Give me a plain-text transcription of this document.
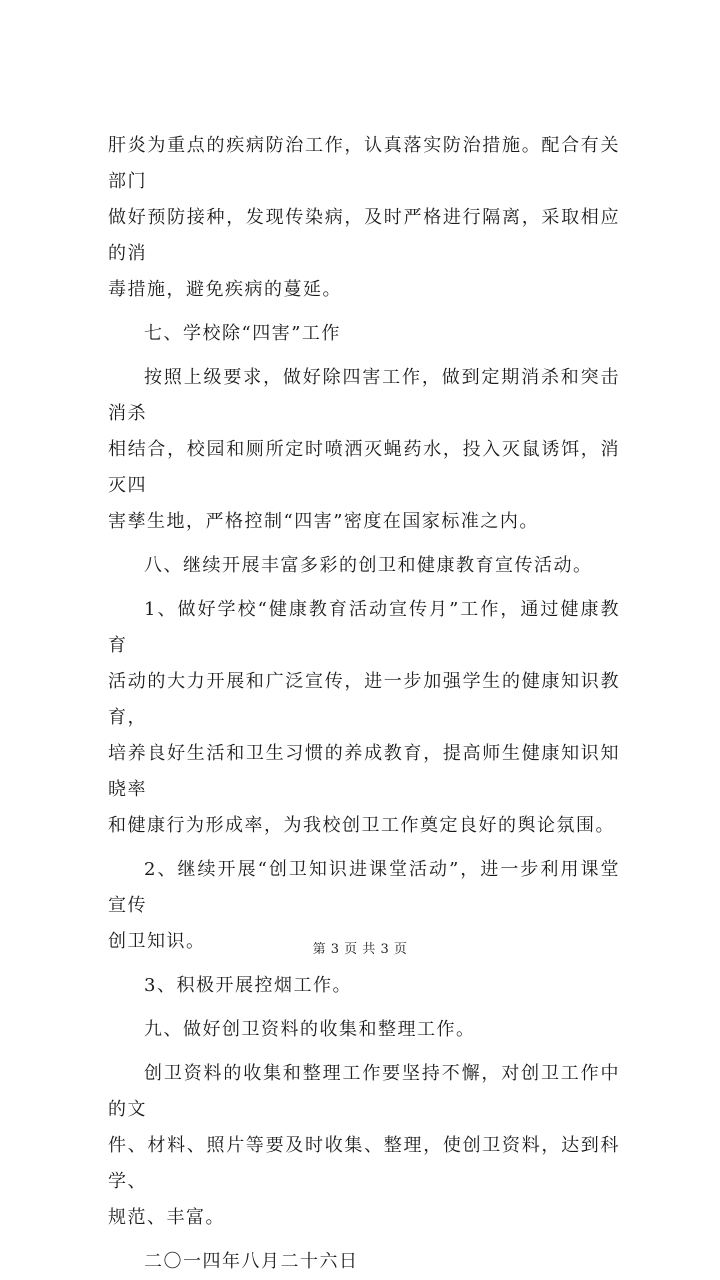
肝炎为重点的疾病防治工作，认真落实防治措施。配合有关部门
做好预防接种，发现传染病，及时严格进行隔离，采取相应的消
毒措施，避免疾病的蔓延。

七、学校除“四害”工作

按照上级要求，做好除四害工作，做到定期消杀和突击消杀
相结合，校园和厕所定时喷洒灭蝇药水，投入灭鼠诱饵，消灭四
害孳生地，严格控制“四害”密度在国家标准之内。

八、继续开展丰富多彩的创卫和健康教育宣传活动。

1、做好学校“健康教育活动宣传月”工作，通过健康教育
活动的大力开展和广泛宣传，进一步加强学生的健康知识教育，
培养良好生活和卫生习惯的养成教育，提高师生健康知识知晓率
和健康行为形成率，为我校创卫工作奠定良好的舆论氛围。

2、继续开展“创卫知识进课堂活动”，进一步利用课堂宣传
创卫知识。

3、积极开展控烟工作。

九、做好创卫资料的收集和整理工作。

创卫资料的收集和整理工作要坚持不懈，对创卫工作中的文
件、材料、照片等要及时收集、整理，使创卫资料，达到科学、
规范、丰富。

二〇一四年八月二十六日

第 3 页 共 3 页
